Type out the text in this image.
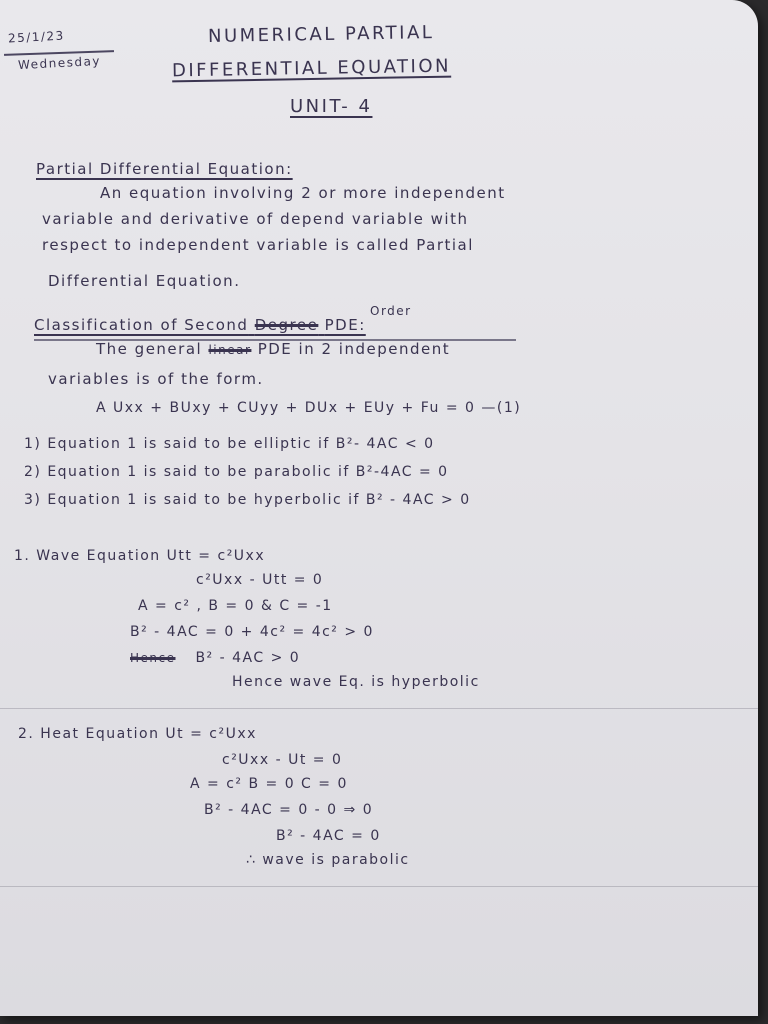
25/1/23
Wednesday
NUMERICAL PARTIAL
DIFFERENTIAL EQUATION
UNIT- 4
Partial Differential Equation:
An equation involving 2 or more independent
variable and derivative of depend variable with
respect to independent variable is called Partial
Differential Equation.
Order
Classification of Second Degree PDE:
The general linear PDE in 2 independent
variables is of the form.
A Uxx + BUxy + CUyy + DUx + EUy + Fu = 0 —(1)
1) Equation 1 is said to be elliptic if B²- 4AC < 0
2) Equation 1 is said to be parabolic if B²-4AC = 0
3) Equation 1 is said to be hyperbolic if B² - 4AC > 0
1. Wave Equation Utt = c²Uxx
c²Uxx - Utt = 0
A = c² , B = 0 & C = -1
B² - 4AC = 0 + 4c² = 4c² > 0
Hence B² - 4AC > 0
Hence wave Eq. is hyperbolic
2. Heat Equation Ut = c²Uxx
c²Uxx - Ut = 0
A = c² B = 0 C = 0
B² - 4AC = 0 - 0 ⇒ 0
B² - 4AC = 0
∴ wave is parabolic
